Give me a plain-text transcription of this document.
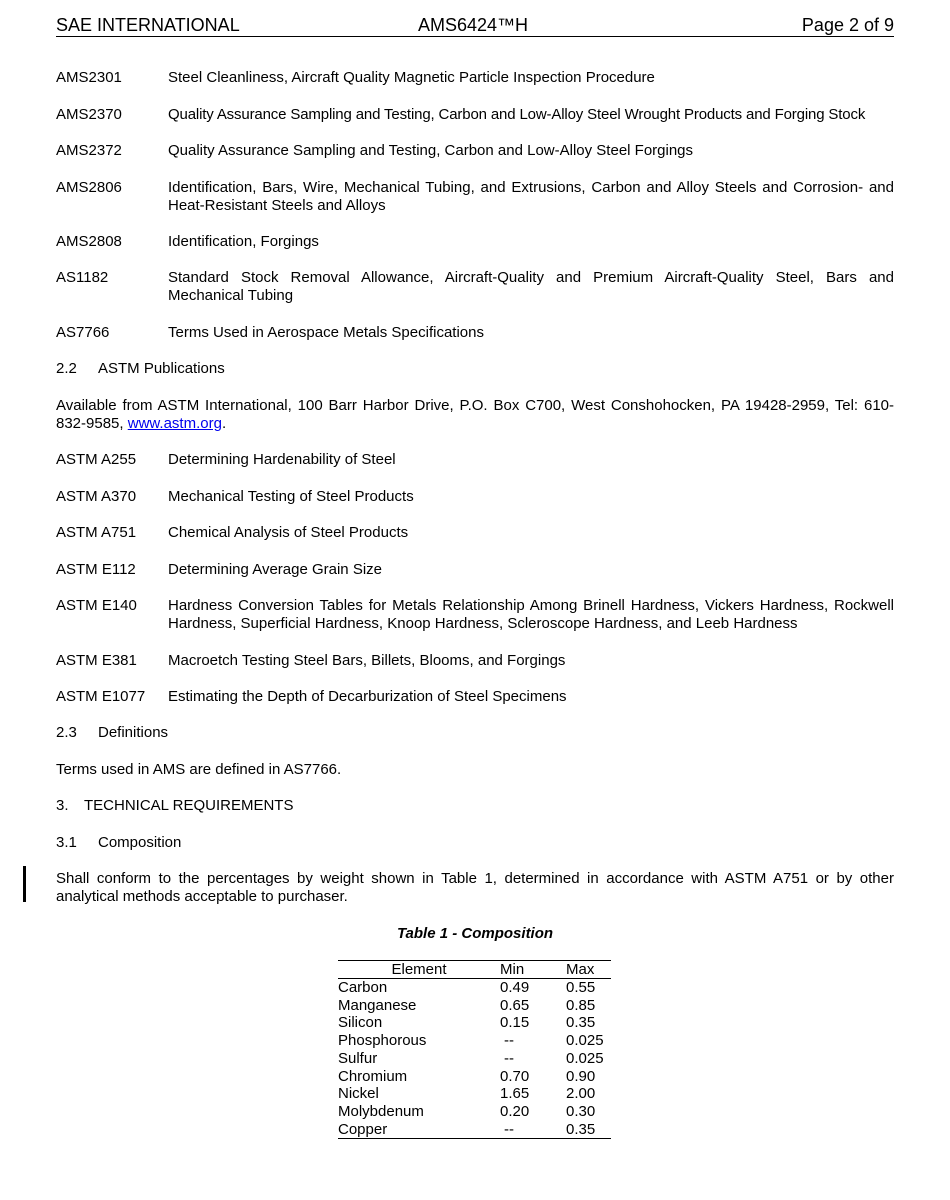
SAE INTERNATIONAL	AMS6424™H	Page 2 of 9
AMS2301	Steel Cleanliness, Aircraft Quality Magnetic Particle Inspection Procedure
AMS2370	Quality Assurance Sampling and Testing, Carbon and Low-Alloy Steel Wrought Products and Forging Stock
AMS2372	Quality Assurance Sampling and Testing, Carbon and Low-Alloy Steel Forgings
AMS2806	Identification, Bars, Wire, Mechanical Tubing, and Extrusions, Carbon and Alloy Steels and Corrosion- and Heat-Resistant Steels and Alloys
AMS2808	Identification, Forgings
AS1182	Standard Stock Removal Allowance, Aircraft-Quality and Premium Aircraft-Quality Steel, Bars and Mechanical Tubing
AS7766	Terms Used in Aerospace Metals Specifications
2.2 ASTM Publications
Available from ASTM International, 100 Barr Harbor Drive, P.O. Box C700, West Conshohocken, PA 19428-2959, Tel: 610-832-9585, www.astm.org.
ASTM A255 Determining Hardenability of Steel
ASTM A370 Mechanical Testing of Steel Products
ASTM A751 Chemical Analysis of Steel Products
ASTM E112 Determining Average Grain Size
ASTM E140 Hardness Conversion Tables for Metals Relationship Among Brinell Hardness, Vickers Hardness, Rockwell Hardness, Superficial Hardness, Knoop Hardness, Scleroscope Hardness, and Leeb Hardness
ASTM E381 Macroetch Testing Steel Bars, Billets, Blooms, and Forgings
ASTM E1077 Estimating the Depth of Decarburization of Steel Specimens
2.3 Definitions
Terms used in AMS are defined in AS7766.
3. TECHNICAL REQUIREMENTS
3.1 Composition
Shall conform to the percentages by weight shown in Table 1, determined in accordance with ASTM A751 or by other analytical methods acceptable to purchaser.
Table 1 - Composition
Element	Min	Max
Carbon	0.49	0.55
Manganese	0.65	0.85
Silicon	0.15	0.35
Phosphorous	--	0.025
Sulfur	--	0.025
Chromium	0.70	0.90
Nickel	1.65	2.00
Molybdenum	0.20	0.30
Copper	--	0.35
